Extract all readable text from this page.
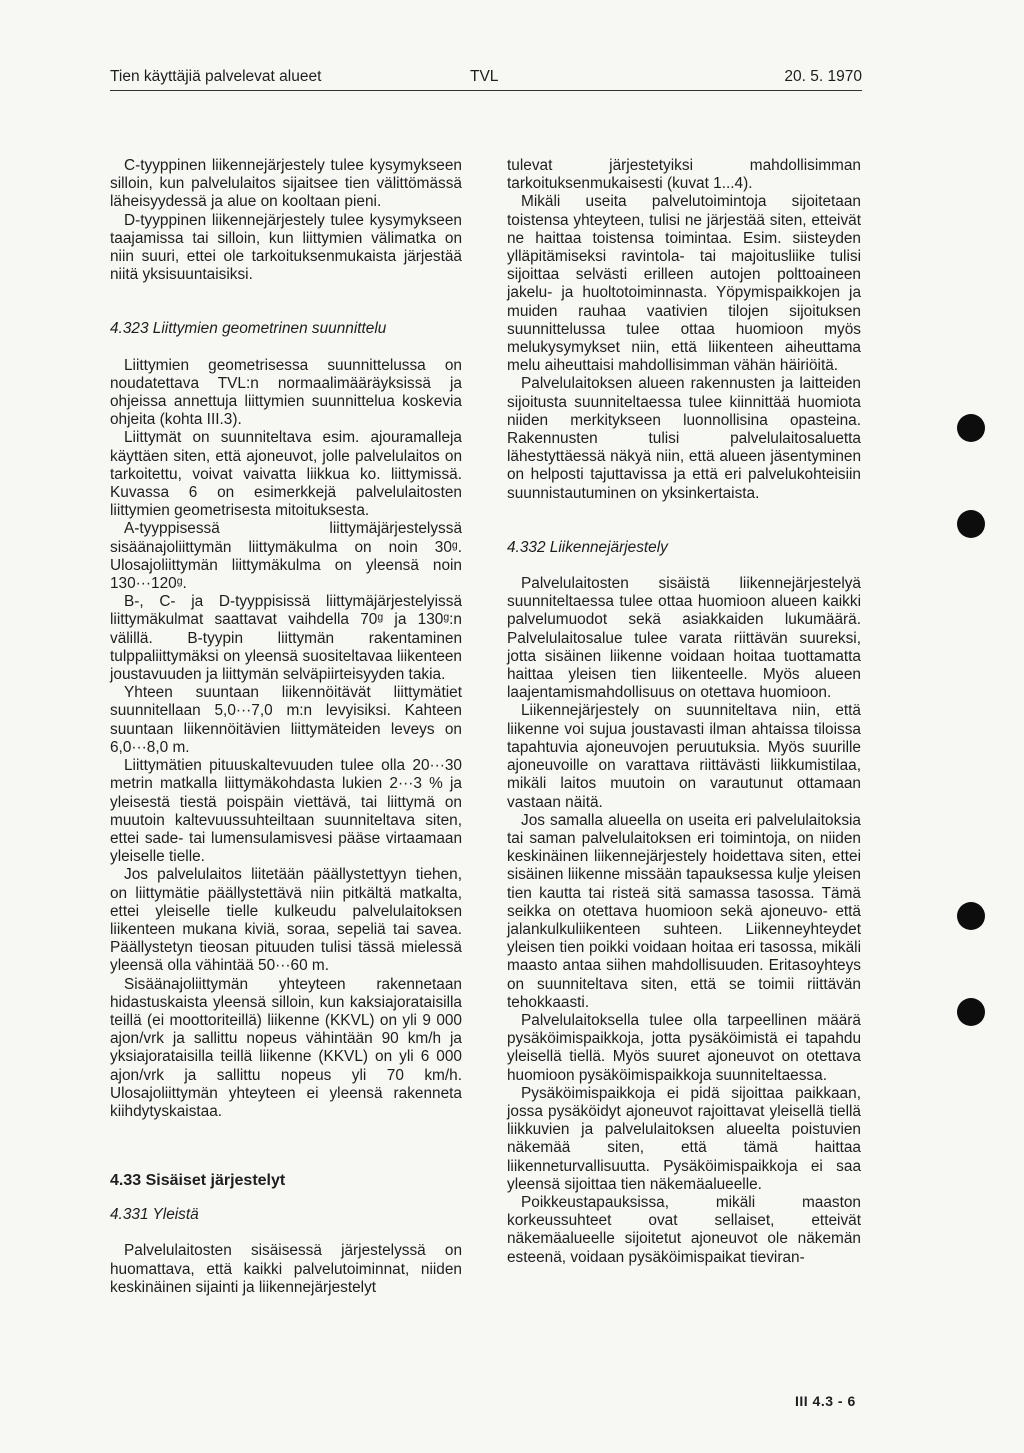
Tien käyttäjiä palvelevat alueet	TVL	20. 5. 1970

C-tyyppinen liikennejärjestely tulee kysymykseen silloin, kun palvelulaitos sijaitsee tien välittömässä läheisyydessä ja alue on kooltaan pieni.

D-tyyppinen liikennejärjestely tulee kysymykseen taajamissa tai silloin, kun liittymien välimatka on niin suuri, ettei ole tarkoituksenmukaista järjestää niitä yksisuuntaisiksi.

4.323 Liittymien geometrinen suunnittelu

Liittymien geometrisessa suunnittelussa on noudatettava TVL:n normaalimääräyksissä ja ohjeissa annettuja liittymien suunnittelua koskevia ohjeita (kohta III.3).

Liittymät on suunniteltava esim. ajouramalleja käyttäen siten, että ajoneuvot, jolle palvelulaitos on tarkoitettu, voivat vaivatta liikkua ko. liittymissä. Kuvassa 6 on esimerkkejä palvelulaitosten liittymien geometrisesta mitoituksesta.

A-tyyppisessä liittymäjärjestelyssä sisäänajoliittymän liittymäkulma on noin 30ᵍ. Ulosajoliittymän liittymäkulma on yleensä noin 130···120ᵍ.

B-, C- ja D-tyyppisissä liittymäjärjestelyissä liittymäkulmat saattavat vaihdella 70ᵍ ja 130ᵍ:n välillä. B-tyypin liittymän rakentaminen tulppaliittymäksi on yleensä suositeltavaa liikenteen joustavuuden ja liittymän selväpiirteisyyden takia.

Yhteen suuntaan liikennöitävät liittymätiet suunnitellaan 5,0···7,0 m:n levyisiksi. Kahteen suuntaan liikennöitävien liittymäteiden leveys on 6,0···8,0 m.

Liittymätien pituuskaltevuuden tulee olla 20···30 metrin matkalla liittymäkohdasta lukien 2···3 % ja yleisestä tiestä poispäin viettävä, tai liittymä on muutoin kaltevuussuhteiltaan suunniteltava siten, ettei sade- tai lumensulamisvesi pääse virtaamaan yleiselle tielle.

Jos palvelulaitos liitetään päällystettyyn tiehen, on liittymätie päällystettävä niin pitkältä matkalta, ettei yleiselle tielle kulkeudu palvelulaitoksen liikenteen mukana kiviä, soraa, sepeliä tai savea. Päällystetyn tieosan pituuden tulisi tässä mielessä yleensä olla vähintää 50···60 m.

Sisäänajoliittymän yhteyteen rakennetaan hidastuskaista yleensä silloin, kun kaksiajorataisilla teillä (ei moottoriteillä) liikenne (KKVL) on yli 9 000 ajon/vrk ja sallittu nopeus vähintään 90 km/h ja yksiajorataisilla teillä liikenne (KKVL) on yli 6 000 ajon/vrk ja sallittu nopeus yli 70 km/h. Ulosajoliittymän yhteyteen ei yleensä rakenneta kiihdytyskaistaa.

4.33 Sisäiset järjestelyt
4.331 Yleistä

Palvelulaitosten sisäisessä järjestelyssä on huomattava, että kaikki palvelutoiminnat, niiden keskinäinen sijainti ja liikennejärjestelyt

tulevat järjestetyiksi mahdollisimman tarkoituksenmukaisesti (kuvat 1...4).

Mikäli useita palvelutoimintoja sijoitetaan toistensa yhteyteen, tulisi ne järjestää siten, etteivät ne haittaa toistensa toimintaa. Esim. siisteyden ylläpitämiseksi ravintola- tai majoitusliike tulisi sijoittaa selvästi erilleen autojen polttoaineen jakelu- ja huoltotoiminnasta. Yöpymispaikkojen ja muiden rauhaa vaativien tilojen sijoituksen suunnittelussa tulee ottaa huomioon myös melukysymykset niin, että liikenteen aiheuttama melu aiheuttaisi mahdollisimman vähän häiriöitä.

Palvelulaitoksen alueen rakennusten ja laitteiden sijoitusta suunniteltaessa tulee kiinnittää huomiota niiden merkitykseen luonnollisina opasteina. Rakennusten tulisi palvelulaitosaluetta lähestyttäessä näkyä niin, että alueen jäsentyminen on helposti tajuttavissa ja että eri palvelukohteisiin suunnistautuminen on yksinkertaista.

4.332 Liikennejärjestely

Palvelulaitosten sisäistä liikennejärjestelyä suunniteltaessa tulee ottaa huomioon alueen kaikki palvelumuodot sekä asiakkaiden lukumäärä. Palvelulaitosalue tulee varata riittävän suureksi, jotta sisäinen liikenne voidaan hoitaa tuottamatta haittaa yleisen tien liikenteelle. Myös alueen laajentamismahdollisuus on otettava huomioon.

Liikennejärjestely on suunniteltava niin, että liikenne voi sujua joustavasti ilman ahtaissa tiloissa tapahtuvia ajoneuvojen peruutuksia. Myös suurille ajoneuvoille on varattava riittävästi liikkumistilaa, mikäli laitos muutoin on varautunut ottamaan vastaan näitä.

Jos samalla alueella on useita eri palvelulaitoksia tai saman palvelulaitoksen eri toimintoja, on niiden keskinäinen liikennejärjestely hoidettava siten, ettei sisäinen liikenne missään tapauksessa kulje yleisen tien kautta tai risteä sitä samassa tasossa. Tämä seikka on otettava huomioon sekä ajoneuvo- että jalankulkuliikenteen suhteen. Liikenneyhteydet yleisen tien poikki voidaan hoitaa eri tasossa, mikäli maasto antaa siihen mahdollisuuden. Eritasoyhteys on suunniteltava siten, että se toimii riittävän tehokkaasti.

Palvelulaitoksella tulee olla tarpeellinen määrä pysäköimispaikkoja, jotta pysäköimistä ei tapahdu yleisellä tiellä. Myös suuret ajoneuvot on otettava huomioon pysäköimispaikkoja suunniteltaessa.

Pysäköimispaikkoja ei pidä sijoittaa paikkaan, jossa pysäköidyt ajoneuvot rajoittavat yleisellä tiellä liikkuvien ja palvelulaitoksen alueelta poistuvien näkemää siten, että tämä haittaa liikenneturvallisuutta. Pysäköimispaikkoja ei saa yleensä sijoittaa tien näkemäalueelle.

Poikkeustapauksissa, mikäli maaston korkeussuhteet ovat sellaiset, etteivät näkemäalueelle sijoitetut ajoneuvot ole näkemän esteenä, voidaan pysäköimispaikat tieviran-

III 4.3 - 6
